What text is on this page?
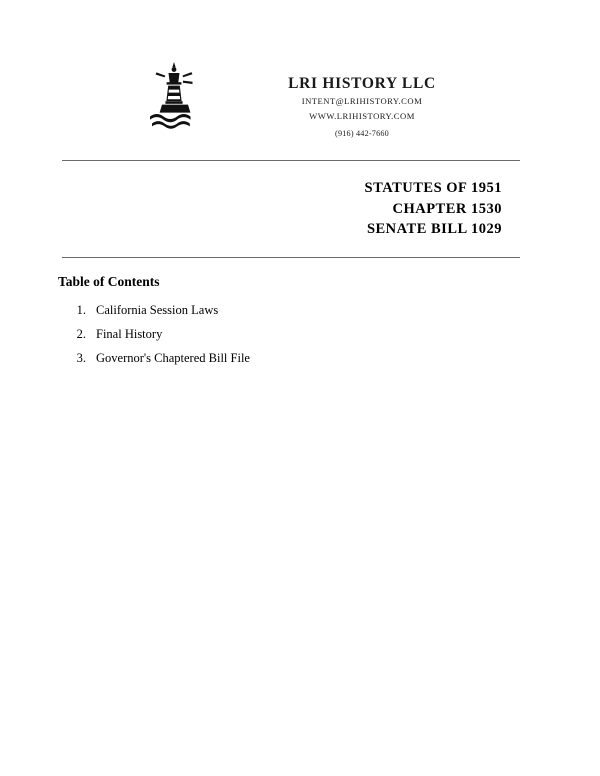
LRI HISTORY LLC
INTENT@LRIHISTORY.COM
WWW.LRIHISTORY.COM
(916) 442-7660
STATUTES OF 1951
CHAPTER 1530
SENATE BILL 1029
Table of Contents
1. California Session Laws
2. Final History
3. Governor's Chaptered Bill File
